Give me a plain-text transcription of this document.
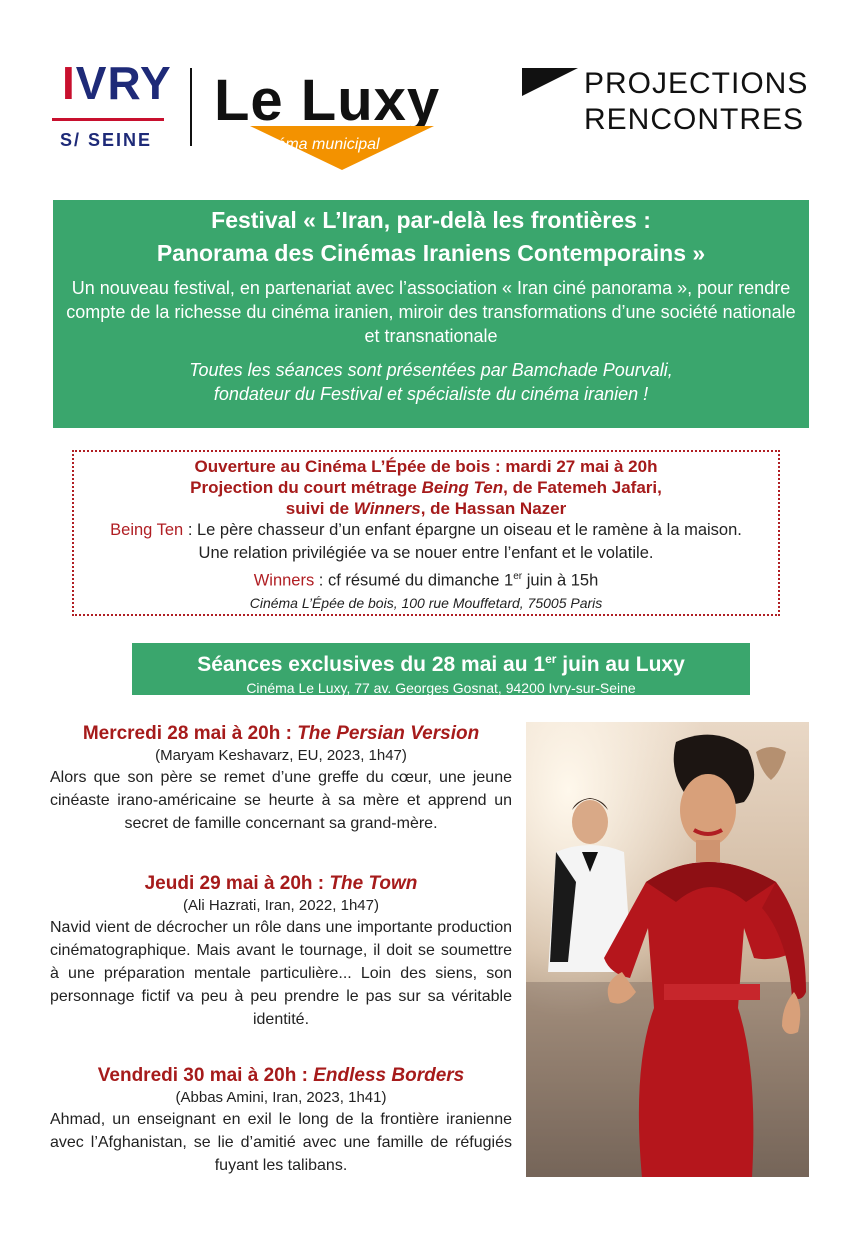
IVRY
S/ SEINE
Le Luxy
cinéma municipal
PROJECTIONS
RENCONTRES
Festival « L’Iran, par-delà les frontières :
Panorama des Cinémas Iraniens Contemporains »
Un nouveau festival, en partenariat avec l’association « Iran ciné panorama », pour rendre compte de la richesse du cinéma iranien, miroir des transformations d’une société nationale et transnationale
Toutes les séances sont présentées par Bamchade Pourvali,
fondateur du Festival et spécialiste du cinéma iranien !
Ouverture au Cinéma L’Épée de bois : mardi 27 mai à 20h
Projection du court métrage Being Ten, de Fatemeh Jafari,
suivi de Winners, de Hassan Nazer
Being Ten : Le père chasseur d’un enfant épargne un oiseau et le ramène à la maison.
Une relation privilégiée va se nouer entre l’enfant et le volatile.
Winners : cf résumé du dimanche 1er juin à 15h
Cinéma L’Épée de bois, 100 rue Mouffetard, 75005 Paris
Séances exclusives du 28 mai au 1er juin au Luxy
Cinéma Le Luxy, 77 av. Georges Gosnat, 94200 Ivry-sur-Seine
Mercredi 28 mai à 20h : The Persian Version
(Maryam Keshavarz, EU, 2023, 1h47)
Alors que son père se remet d’une greffe du cœur, une jeune cinéaste irano-américaine se heurte à sa mère et apprend un secret de famille concernant sa grand-mère.
Jeudi 29 mai à 20h : The Town
(Ali Hazrati, Iran, 2022, 1h47)
Navid vient de décrocher un rôle dans une importante production cinématographique. Mais avant le tournage, il doit se soumettre à une préparation mentale particulière... Loin des siens, son personnage fictif va peu à peu prendre le pas sur sa véritable identité.
Vendredi 30 mai à 20h : Endless Borders
(Abbas Amini, Iran, 2023, 1h41)
Ahmad, un enseignant en exil le long de la frontière iranienne avec l’Afghanistan, se lie d’amitié avec une famille de réfugiés fuyant les talibans.
